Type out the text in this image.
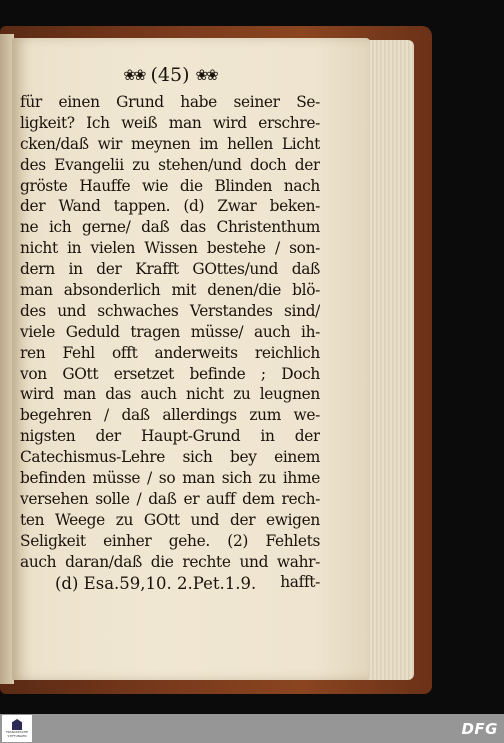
❀❀ (45) ❀❀
für einen Grund habe seiner Se-
ligkeit? Ich weiß man wird erschre-
cken/daß wir meynen im hellen Licht
des Evangelii zu stehen/und doch der
gröste Hauffe wie die Blinden nach
der Wand tappen. (d) Zwar beken-
ne ich gerne/ daß das Christenthum
nicht in vielen Wissen bestehe / son-
dern in der Krafft GOttes/und daß
man absonderlich mit denen/die blö-
des und schwaches Verstandes sind/
viele Geduld tragen müsse/ auch ih-
ren Fehl offt anderweits reichlich
von GOtt ersetzet befinde ; Doch
wird man das auch nicht zu leugnen
begehren / daß allerdings zum we-
nigsten der Haupt-Grund in der
Catechismus-Lehre sich bey einem
befinden müsse / so man sich zu ihme
versehen solle / daß er auff dem rech-
ten Weege zu GOtt und der ewigen
Seligkeit einher gehe. (2) Fehlets
auch daran/daß die rechte und wahr-
hafft-
(d) Esa.59,10. 2.Pet.1.9.
FRANCKESCHE STIFTUNGEN	DFG
